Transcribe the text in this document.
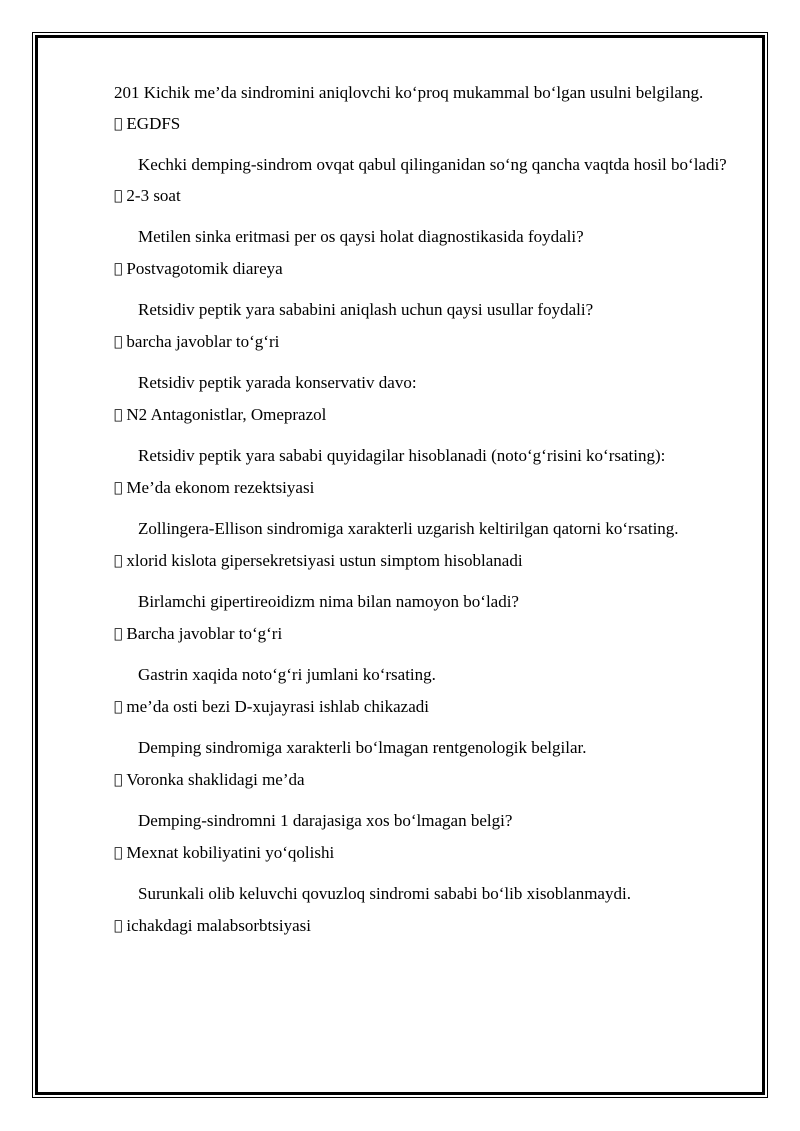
201 Kichik me’da sindromini aniqlovchi ko‘proq mukammal bo‘lgan usulni belgilang.

EGDFS

Kechki demping-sindrom ovqat qabul qilinganidan so‘ng qancha vaqtda hosil bo‘ladi?

2-3 soat

Metilen sinka eritmasi per os qaysi holat diagnostikasida foydali?

Postvagotomik diareya

Retsidiv peptik yara sababini aniqlash uchun qaysi usullar foydali?

barcha javoblar to‘g‘ri

Retsidiv peptik yarada konservativ davo:

N2 Antagonistlar, Omeprazol

Retsidiv peptik yara sababi quyidagilar hisoblanadi (noto‘g‘risini ko‘rsating):

Me’da ekonom rezektsiyasi

Zollingera-Ellison sindromiga xarakterli uzgarish keltirilgan qatorni ko‘rsating.

xlorid kislota gipersekretsiyasi ustun simptom hisoblanadi

Birlamchi gipertireoidizm nima bilan namoyon bo‘ladi?

Barcha javoblar to‘g‘ri

Gastrin xaqida noto‘g‘ri jumlani ko‘rsating.

me’da osti bezi D-xujayrasi ishlab chikazadi

Demping sindromiga xarakterli bo‘lmagan rentgenologik belgilar.

Voronka shaklidagi me’da

Demping-sindromni 1 darajasiga xos bo‘lmagan belgi?

Mexnat kobiliyatini yo‘qolishi

Surunkali olib keluvchi qovuzloq sindromi sababi bo‘lib xisoblanmaydi.

ichakdagi malabsorbtsiyasi
